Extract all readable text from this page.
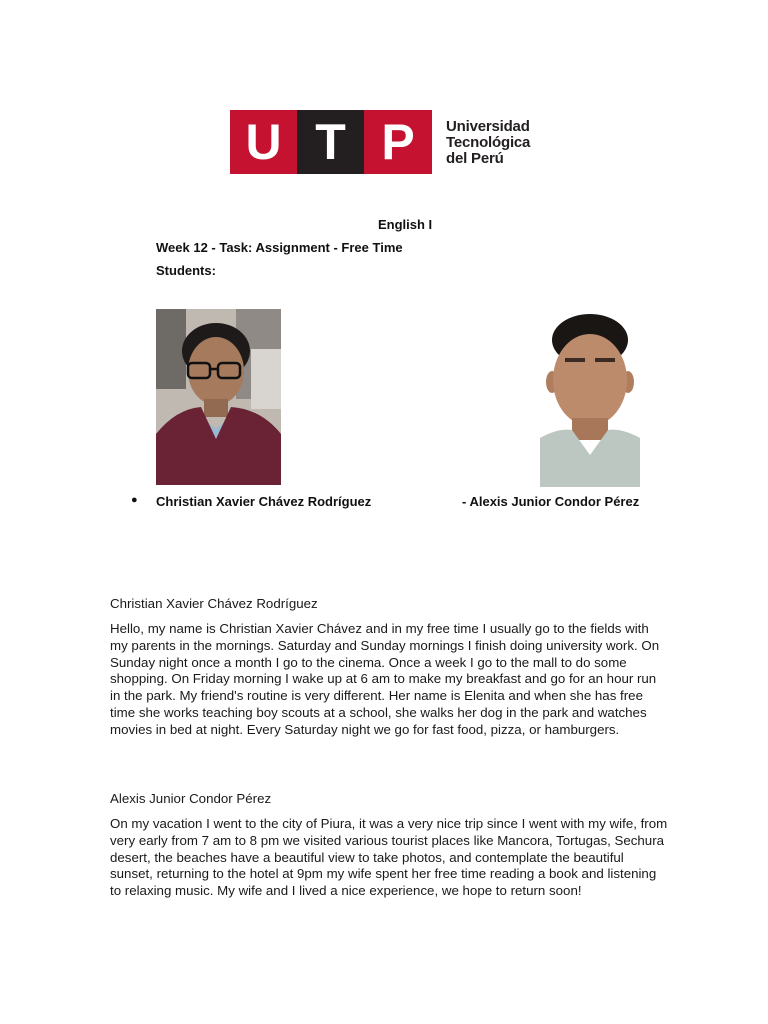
U T P	Universidad
Tecnológica
del Perú
English I
Week 12 - Task: Assignment - Free Time
Students:
● Christian Xavier Chávez Rodríguez	- Alexis Junior Condor Pérez
Christian Xavier Chávez Rodríguez
Hello, my name is Christian Xavier Chávez and in my free time I usually go to the fields with my parents in the mornings. Saturday and Sunday mornings I finish doing university work. On Sunday night once a month I go to the cinema. Once a week I go to the mall to do some shopping. On Friday morning I wake up at 6 am to make my breakfast and go for an hour run in the park. My friend's routine is very different. Her name is Elenita and when she has free time she works teaching boy scouts at a school, she walks her dog in the park and watches movies in bed at night. Every Saturday night we go for fast food, pizza, or hamburgers.
Alexis Junior Condor Pérez
On my vacation I went to the city of Piura, it was a very nice trip since I went with my wife, from very early from 7 am to 8 pm we visited various tourist places like Mancora, Tortugas, Sechura desert, the beaches have a beautiful view to take photos, and contemplate the beautiful sunset, returning to the hotel at 9pm my wife spent her free time reading a book and listening to relaxing music. My wife and I lived a nice experience, we hope to return soon!
